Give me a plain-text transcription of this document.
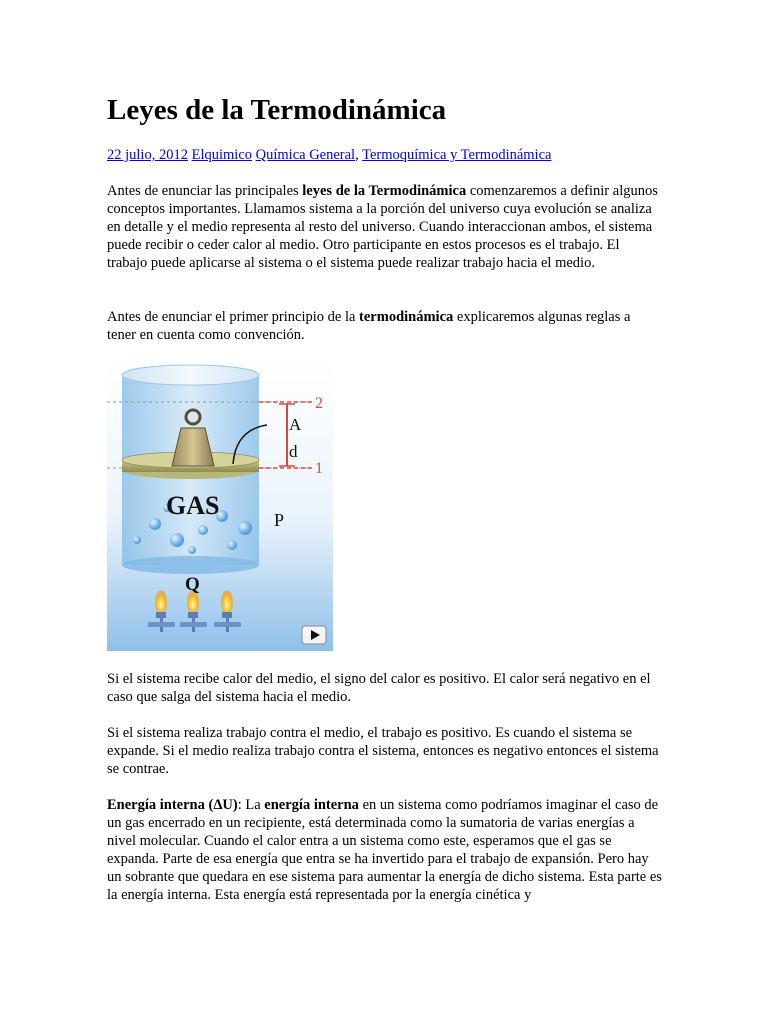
Leyes de la Termodinámica
22 julio, 2012 Elquimico Química General, Termoquímica y Termodinámica

Antes de enunciar las principales leyes de la Termodinámica comenzaremos a definir algunos conceptos importantes. Llamamos sistema a la porción del universo cuya evolución se analiza en detalle y el medio representa al resto del universo. Cuando interaccionan ambos, el sistema puede recibir o ceder calor al medio. Otro participante en estos procesos es el trabajo. El trabajo puede aplicarse al sistema o el sistema puede realizar trabajo hacia el medio.

Antes de enunciar el primer principio de la termodinámica explicaremos algunas reglas a tener en cuenta como convención.

GAS
A
d
1
2
P
Q

Si el sistema recibe calor del medio, el signo del calor es positivo. El calor será negativo en el caso que salga del sistema hacia el medio.

Si el sistema realiza trabajo contra el medio, el trabajo es positivo. Es cuando el sistema se expande. Si el medio realiza trabajo contra el sistema, entonces es negativo entonces el sistema se contrae.

Energía interna (ΔU): La energía interna en un sistema como podríamos imaginar el caso de un gas encerrado en un recipiente, está determinada como la sumatoria de varias energías a nivel molecular. Cuando el calor entra a un sistema como este, esperamos que el gas se expanda. Parte de esa energía que entra se ha invertido para el trabajo de expansión. Pero hay un sobrante que quedara en ese sistema para aumentar la energía de dicho sistema. Esta parte es la energía interna. Esta energía está representada por la energía cinética y
